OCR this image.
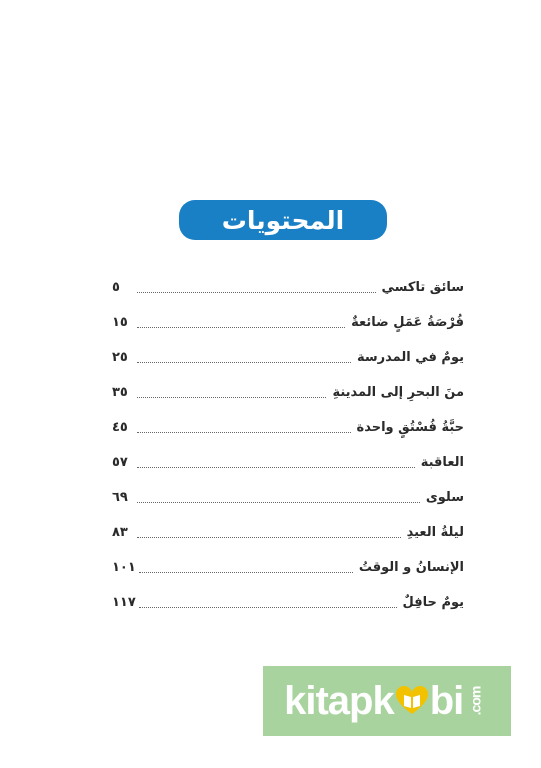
المحتويات
سائق تاكسي
٥
فُرْصَةُ عَمَلٍ ضائعةٌ
١٥
يومٌ في المدرسة
٢٥
منَ البحرِ إلى المدينةِ
٣٥
حبَّةُ فُسْتُقٍ واحدة
٤٥
العاقبة
٥٧
سلوى
٦٩
ليلةُ العيدِ
٨٣
الإنسانُ و الوقتُ
١٠١
يومٌ حافِلٌ
١١٧
kitapk bi .com
